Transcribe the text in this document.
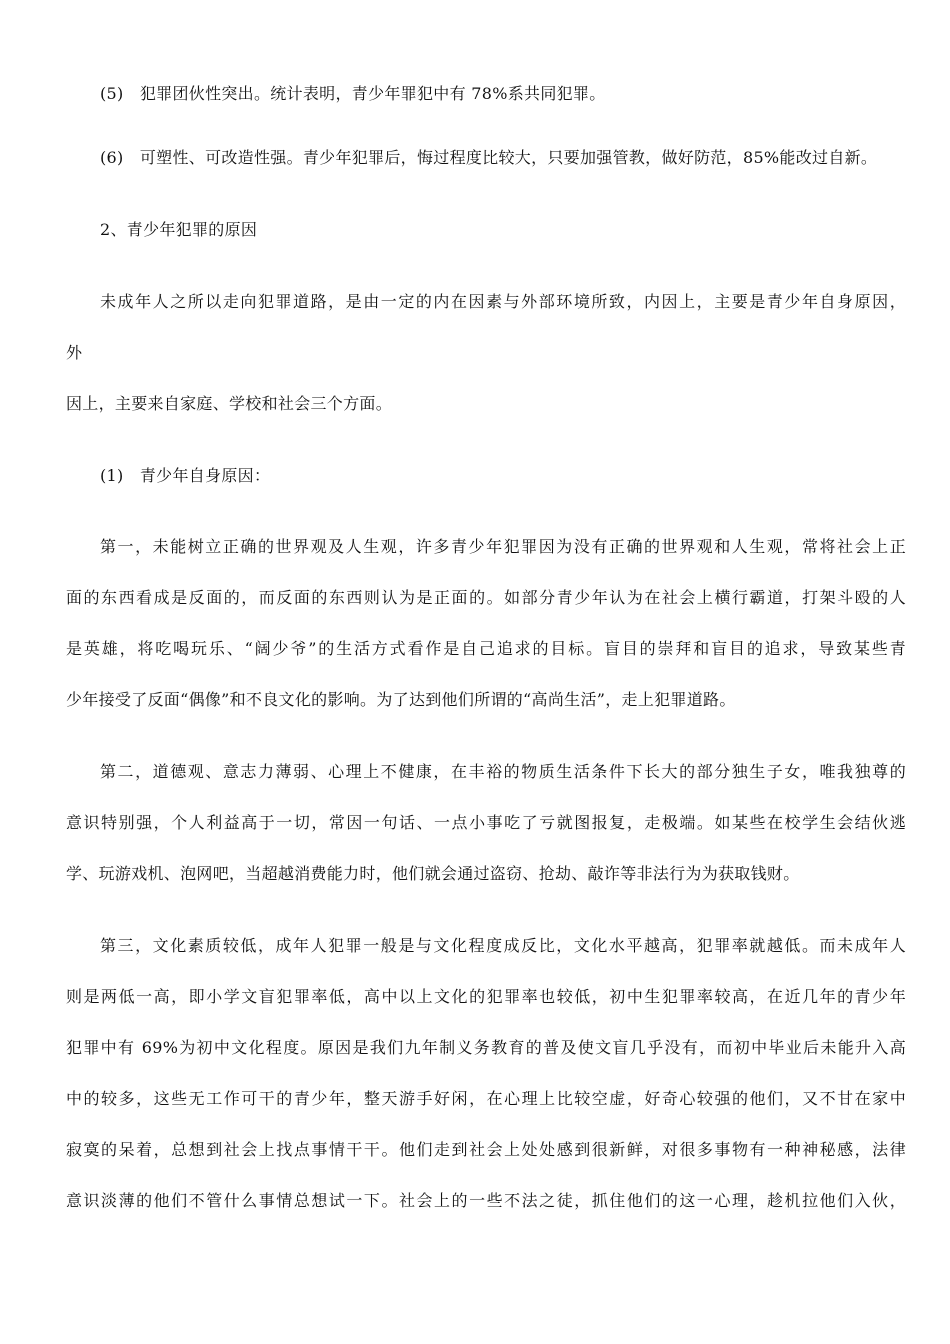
(5)　犯罪团伙性突出。统计表明，青少年罪犯中有 78%系共同犯罪。
(6)　可塑性、可改造性强。青少年犯罪后，悔过程度比较大，只要加强管教，做好防范，85%能改过自新。
2、青少年犯罪的原因
未成年人之所以走向犯罪道路，是由一定的内在因素与外部环境所致，内因上，主要是青少年自身原因，
外
因上，主要来自家庭、学校和社会三个方面。
(1)　青少年自身原因：
第一，未能树立正确的世界观及人生观，许多青少年犯罪因为没有正确的世界观和人生观，常将社会上正
面的东西看成是反面的，而反面的东西则认为是正面的。如部分青少年认为在社会上横行霸道，打架斗殴的人
是英雄，将吃喝玩乐、“阔少爷”的生活方式看作是自己追求的目标。盲目的崇拜和盲目的追求，导致某些青
少年接受了反面“偶像”和不良文化的影响。为了达到他们所谓的“高尚生活”，走上犯罪道路。
第二，道德观、意志力薄弱、心理上不健康，在丰裕的物质生活条件下长大的部分独生子女，唯我独尊的
意识特别强，个人利益高于一切，常因一句话、一点小事吃了亏就图报复，走极端。如某些在校学生会结伙逃
学、玩游戏机、泡网吧，当超越消费能力时，他们就会通过盗窃、抢劫、敲诈等非法行为为获取钱财。
第三，文化素质较低，成年人犯罪一般是与文化程度成反比，文化水平越高，犯罪率就越低。而未成年人
则是两低一高，即小学文盲犯罪率低，高中以上文化的犯罪率也较低，初中生犯罪率较高，在近几年的青少年
犯罪中有 69%为初中文化程度。原因是我们九年制义务教育的普及使文盲几乎没有，而初中毕业后未能升入高
中的较多，这些无工作可干的青少年，整天游手好闲，在心理上比较空虚，好奇心较强的他们，又不甘在家中
寂寞的呆着，总想到社会上找点事情干干。他们走到社会上处处感到很新鲜，对很多事物有一种神秘感，法律
意识淡薄的他们不管什么事情总想试一下。社会上的一些不法之徒，抓住他们的这一心理，趁机拉他们入伙，
